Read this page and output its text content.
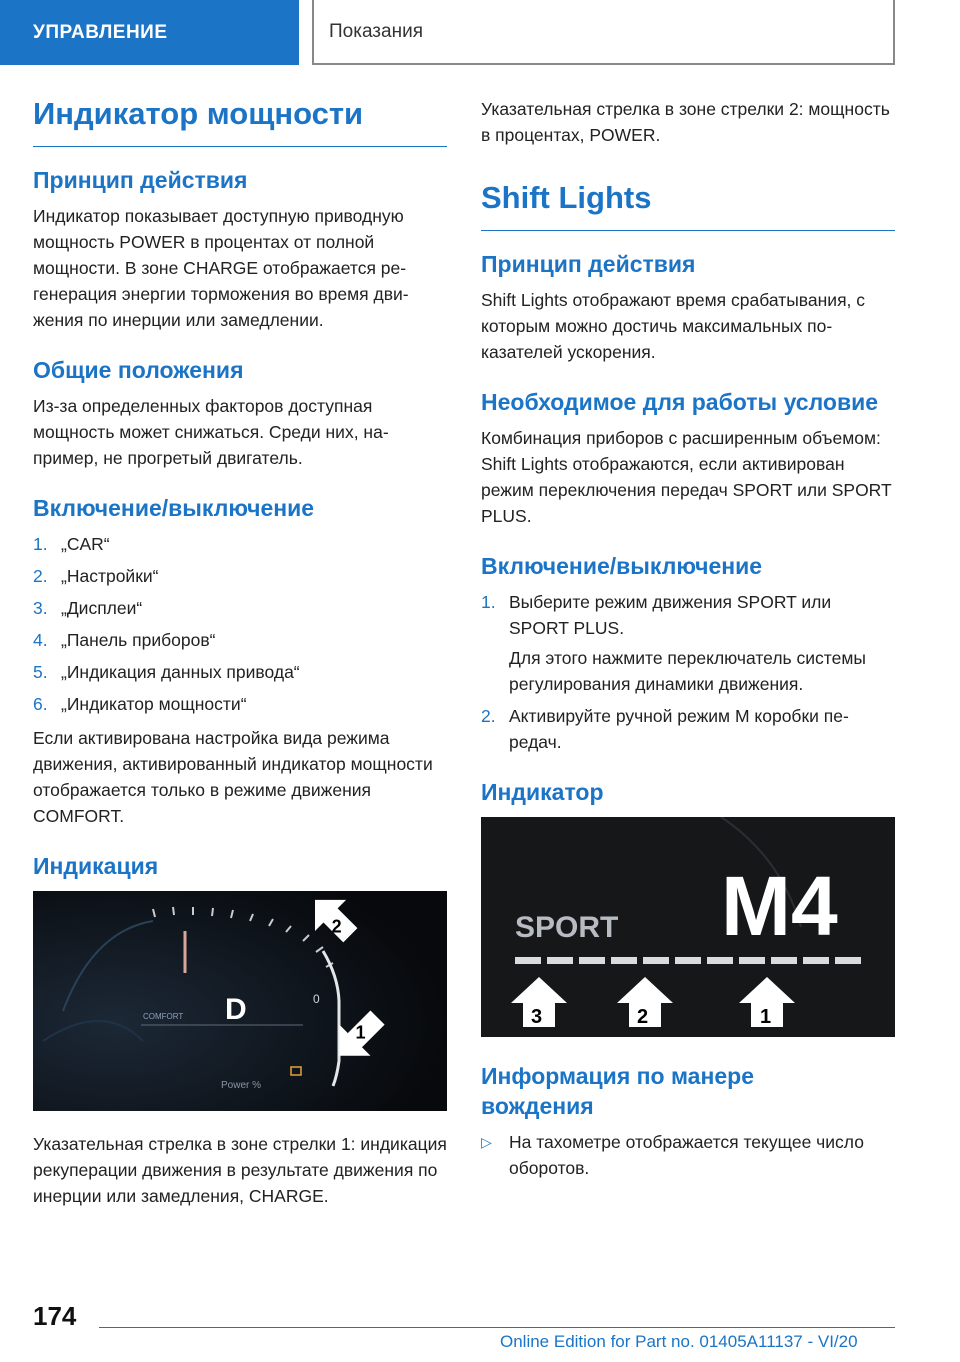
УПРАВЛЕНИЕ	Показания
Индикатор мощности
Принцип действия

Индикатор показывает доступную приводную мощность POWER в процентах от полной мощности. В зоне CHARGE отображается регенерация энергии торможения во время движения по инерции или замедлении.

Общие положения

Из-за определенных факторов доступная мощность может снижаться. Среди них, например, не прогретый двигатель.

Включение/выключение
1. „CAR“
2. „Настройки“
3. „Дисплеи“
4. „Панель приборов“
5. „Индикация данных привода“
6. „Индикатор мощности“

Если активирована настройка вида режима движения, активированный индикатор мощности отображается только в режиме движения COMFORT.

Индикация
COMFORT D	0
Power %
2
1

Указательная стрелка в зоне стрелки 1: индикация рекуперации движения в результате движения по инерции или замедления, CHARGE.

Указательная стрелка в зоне стрелки 2: мощность в процентах, POWER.

Shift Lights
Принцип действия

Shift Lights отображают время срабатывания, с которым можно достичь максимальных показателей ускорения.

Необходимое для работы условие

Комбинация приборов с расширенным объемом: Shift Lights отображаются, если активирован режим переключения передач SPORT или SPORT PLUS.

Включение/выключение
1. Выберите режим движения SPORT или SPORT PLUS.
Для этого нажмите переключатель системы регулирования динамики движения.
2. Активируйте ручной режим M коробки передач.
Индикатор
SPORT M4
3	2	1
Информация по манере вождения
▷ На тахометре отображается текущее число оборотов.
174
Online Edition for Part no. 01405A11137 - VI/20
